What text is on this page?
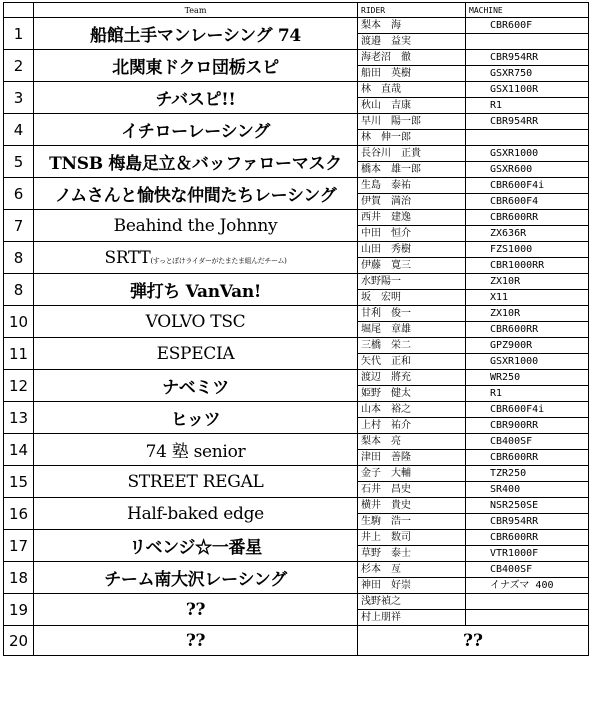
	Team	RIDER	MACHINE
1	船館土手マンレーシング 74	梨本　海	CBR600F
		渡邉　益実	
2	北関東ドクロ団栃スピ	海老沼　徹	CBR954RR
		船田　英樹	GSXR750
3	チバスピ!!	林　直哉	GSX1100R
		秋山　吉康	R1
4	イチローレーシング	早川　陽一郎	CBR954RR
		林　伸一郎	
5	TNSB 梅島足立＆バッファローマスク	長谷川　正貴	GSXR1000
		橋本　雄一郎	GSXR600
6	ノムさんと愉快な仲間たちレーシング	生島　泰祐	CBR600F4i
		伊賀　満治	CBR600F4
7	Beahind the Johnny	西井　建逸	CBR600RR
		中田　恒介	ZX636R
8	SRTT(すっとぼけライダーがたまたま組んだチーム)	山田　秀樹	FZS1000
		伊藤　寛三	CBR1000RR
8	弾打ち VanVan!	水野陽一	ZX10R
		坂　宏明	X11
10	VOLVO TSC	甘利　俊一	ZX10R
		堀尾　章雄	CBR600RR
11	ESPECIA	三橋　栄二	GPZ900R
		矢代　正和	GSXR1000
12	ナベミツ	渡辺　將充	WR250
		姫野　健太	R1
13	ヒッツ	山本　裕之	CBR600F4i
		上村　祐介	CBR900RR
14	74 塾 senior	梨本　亮	CB400SF
		津田　善隆	CBR600RR
15	STREET REGAL	金子　大輔	TZR250
		石井　昌史	SR400
16	Half-baked edge	横井　貴史	NSR250SE
		生駒　浩一	CBR954RR
17	リベンジ☆一番星	井上　数司	CBR600RR
		草野　泰士	VTR1000F
18	チーム南大沢レーシング	杉本　亙	CB400SF
		神田　好崇	イナズマ 400
19	??	浅野禎之	
		村上朋祥	
20	??	??	
